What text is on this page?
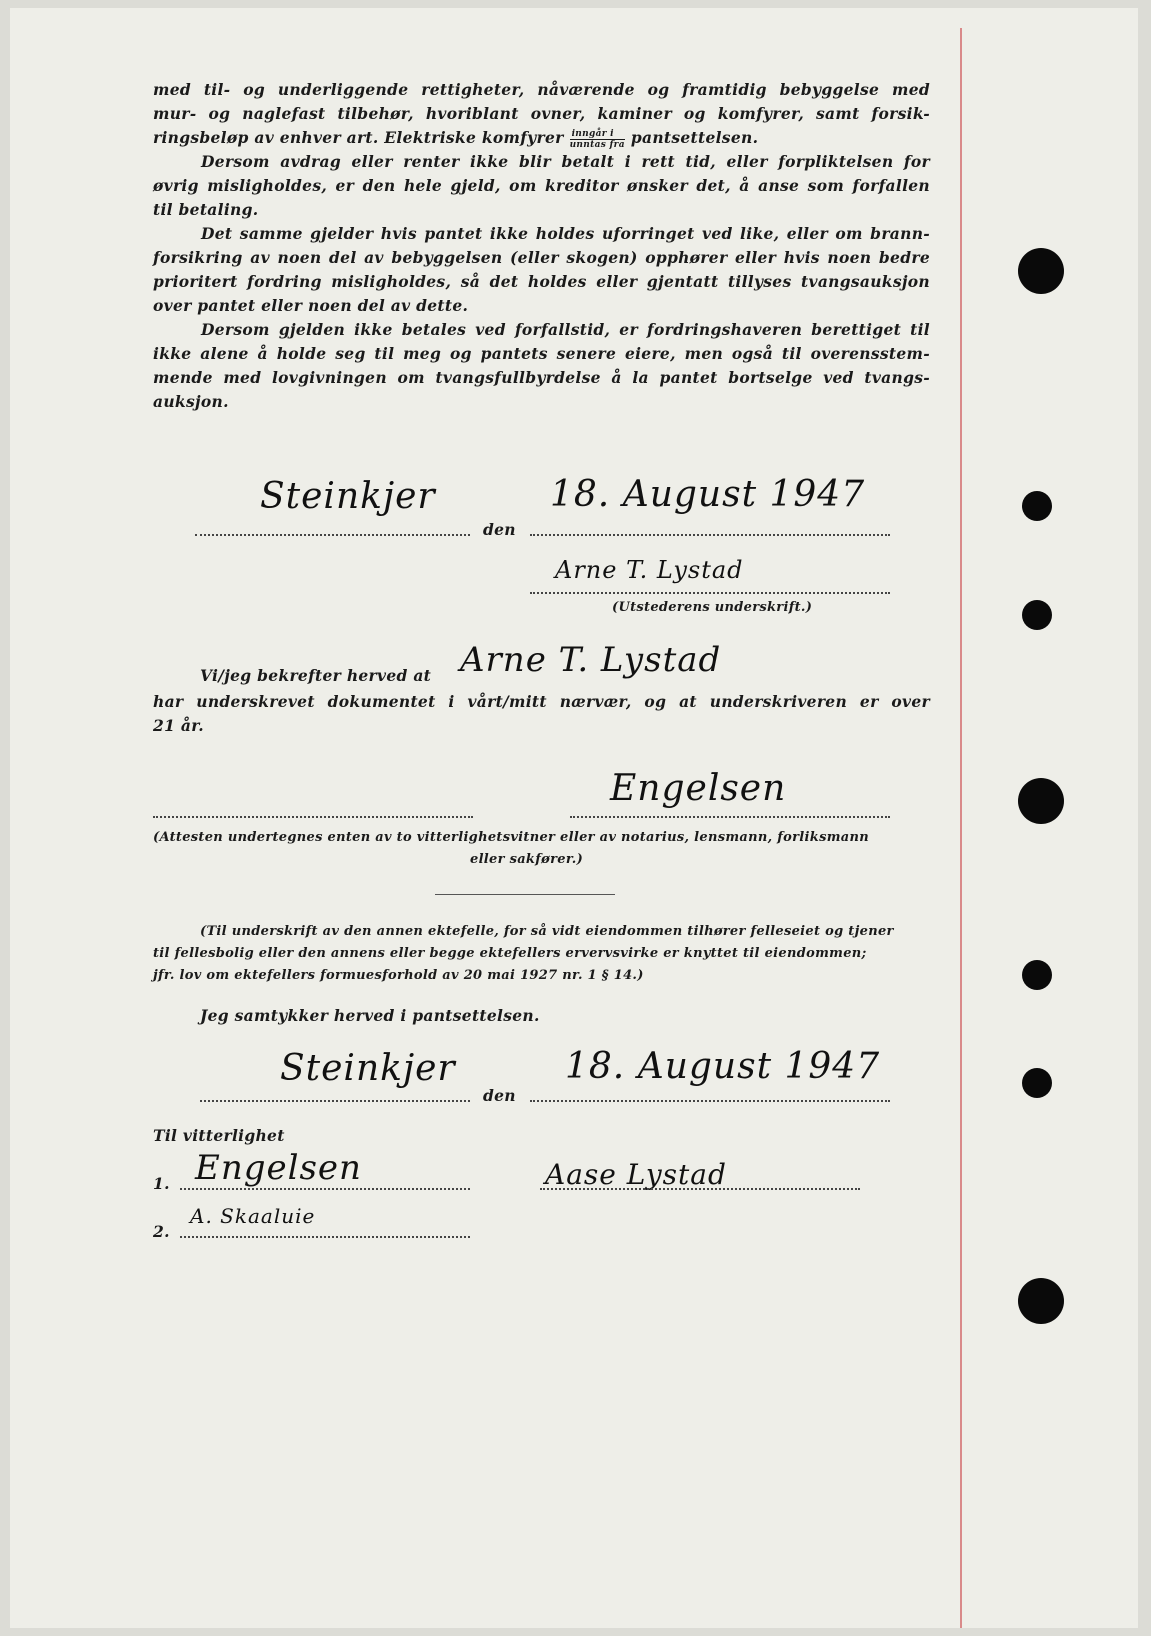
med til- og underliggende rettigheter, nåværende og framtidig bebyggelse med
mur- og naglefast tilbehør, hvoriblant ovner, kaminer og komfyrer, samt forsik-
ringsbeløp av enhver art. Elektriske komfyrer $\frac{\text{inngår i}}{\text{unntas fra}}$ pantsettelsen.
Dersom avdrag eller renter ikke blir betalt i rett tid, eller forpliktelsen for
øvrig misligholdes, er den hele gjeld, om kreditor ønsker det, å anse som forfallen
til betaling.
Det samme gjelder hvis pantet ikke holdes uforringet ved like, eller om brann-
forsikring av noen del av bebyggelsen (eller skogen) opphører eller hvis noen bedre
prioritert fordring misligholdes, så det holdes eller gjentatt tillyses tvangsauksjon
over pantet eller noen del av dette.
Dersom gjelden ikke betales ved forfallstid, er fordringshaveren berettiget til
ikke alene å holde seg til meg og pantets senere eiere, men også til overensstem-
mende med lovgivningen om tvangsfullbyrdelse å la pantet bortselge ved tvangs-
auksjon.
Steinkjer
den
18. August 1947
Arne T. Lystad
(Utstederens underskrift.)
Vi/jeg bekrefter herved at Arne T. Lystad
har underskrevet dokumentet i vårt/mitt nærvær, og at underskriveren er over
21 år.
Engelsen
(Attesten undertegnes enten av to vitterlighetsvitner eller av notarius, lensmann, forliksmann
eller sakfører.)
(Til underskrift av den annen ektefelle, for så vidt eiendommen tilhører felleseiet og tjener
til fellesbolig eller den annens eller begge ektefellers ervervsvirke er knyttet til eiendommen;
jfr. lov om ektefellers formuesforhold av 20 mai 1927 nr. 1 § 14.)
Jeg samtykker herved i pantsettelsen.
Steinkjer
den
18. August 1947
Til vitterlighet
1. Engelsen	Aase Lystad
2.
A. Skaaluie
